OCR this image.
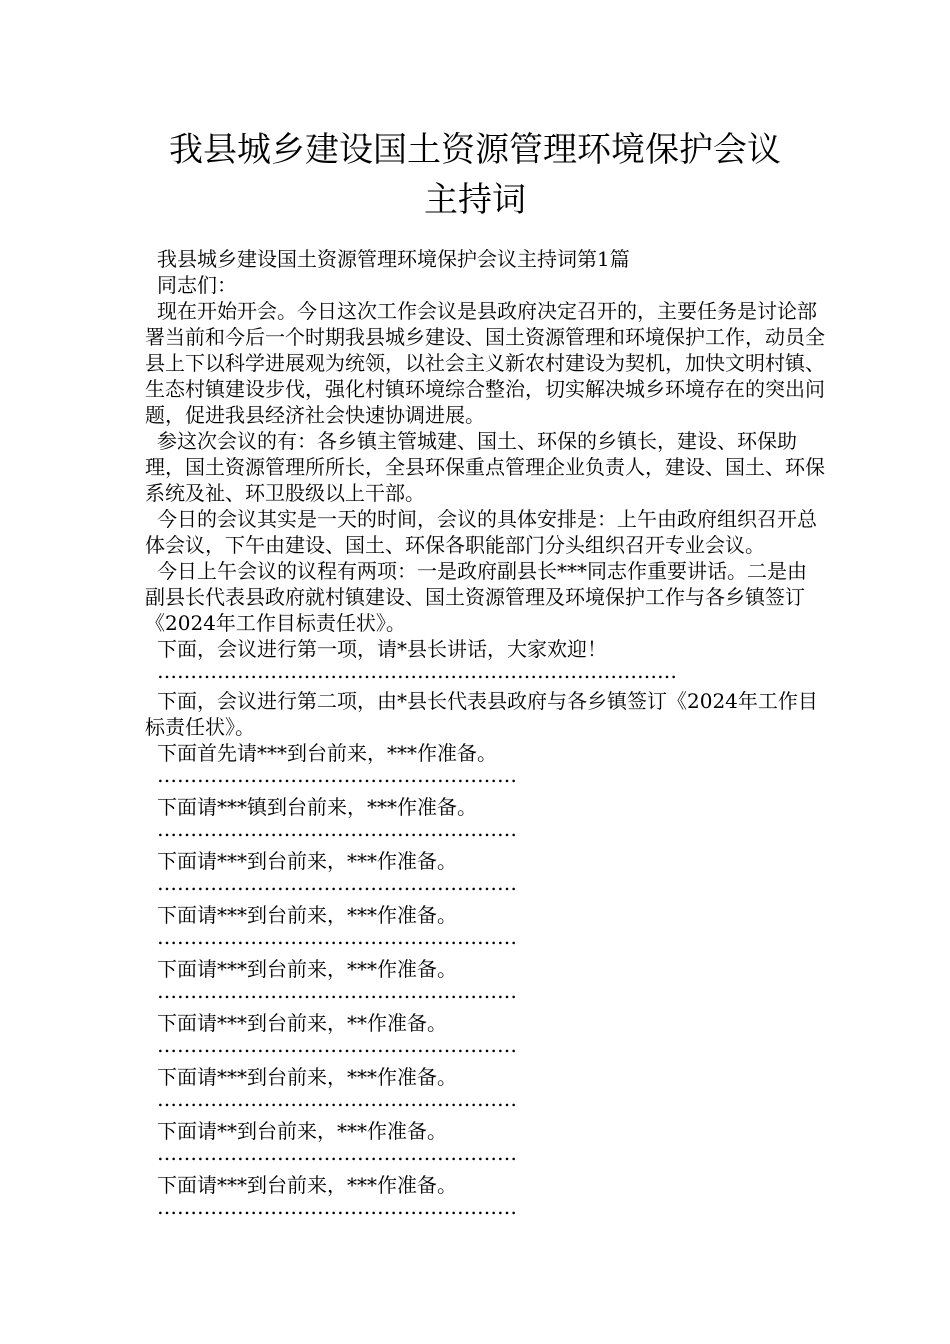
我县城乡建设国土资源管理环境保护会议
主持词

我县城乡建设国土资源管理环境保护会议主持词第1篇

同志们：

现在开始开会。今日这次工作会议是县政府决定召开的，主要任务是讨论部署当前和今后一个时期我县城乡建设、国土资源管理和环境保护工作，动员全县上下以科学进展观为统领，以社会主义新农村建设为契机，加快文明村镇、生态村镇建设步伐，强化村镇环境综合整治，切实解决城乡环境存在的突出问题，促进我县经济社会快速协调进展。

参这次会议的有：各乡镇主管城建、国土、环保的乡镇长，建设、环保助理，国土资源管理所所长，全县环保重点管理企业负责人，建设、国土、环保系统及祉、环卫股级以上干部。

今日的会议其实是一天的时间，会议的具体安排是：上午由政府组织召开总体会议，下午由建设、国土、环保各职能部门分头组织召开专业会议。

今日上午会议的议程有两项：一是政府副县长***同志作重要讲话。二是由副县长代表县政府就村镇建设、国土资源管理及环境保护工作与各乡镇签订《2024年工作目标责任状》。

下面，会议进行第一项，请*县长讲话，大家欢迎！

……………………………………………………………………

下面，会议进行第二项，由*县长代表县政府与各乡镇签订《2024年工作目标责任状》。

下面首先请***到台前来，***作准备。
………………………………………………
下面请***镇到台前来，***作准备。
………………………………………………
下面请***到台前来，***作准备。
………………………………………………
下面请***到台前来，***作准备。
………………………………………………
下面请***到台前来，***作准备。
………………………………………………
下面请***到台前来，**作准备。
………………………………………………
下面请***到台前来，***作准备。
………………………………………………
下面请**到台前来，***作准备。
………………………………………………
下面请***到台前来，***作准备。
………………………………………………
